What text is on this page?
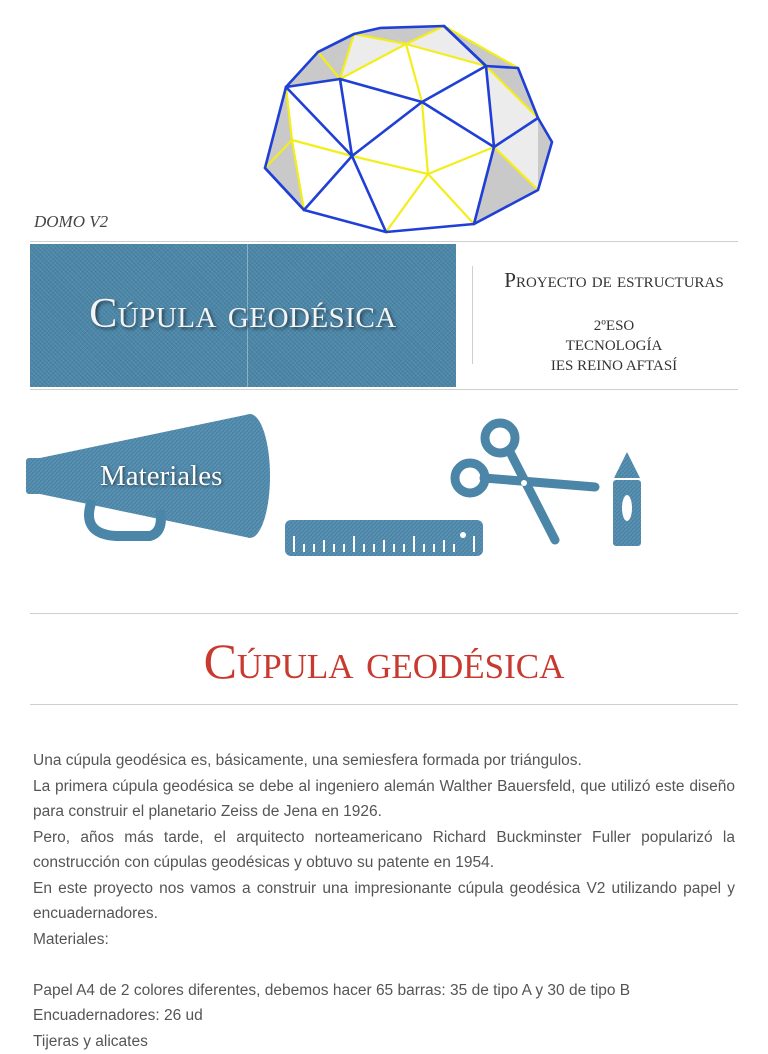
DOMO V2
Cúpula geodésica
Proyecto de estructuras
2ºESO
TECNOLOGÍA
IES REINO AFTASÍ
Materiales
Cúpula geodésica

Una cúpula geodésica es, básicamente, una semiesfera formada por triángulos.

La primera cúpula geodésica se debe al ingeniero alemán Walther Bauersfeld, que utilizó este diseño para construir el planetario Zeiss de Jena en 1926.

Pero, años más tarde, el arquitecto norteamericano Richard Buckminster Fuller popularizó la construcción con cúpulas geodésicas y obtuvo su patente en 1954.

En este proyecto nos vamos a construir una impresionante cúpula geodésica V2 utilizando papel y encuadernadores.

Materiales:

Papel A4 de 2 colores diferentes, debemos hacer 65 barras: 35 de tipo A y 30 de tipo B

Encuadernadores: 26 ud

Tijeras y alicates
